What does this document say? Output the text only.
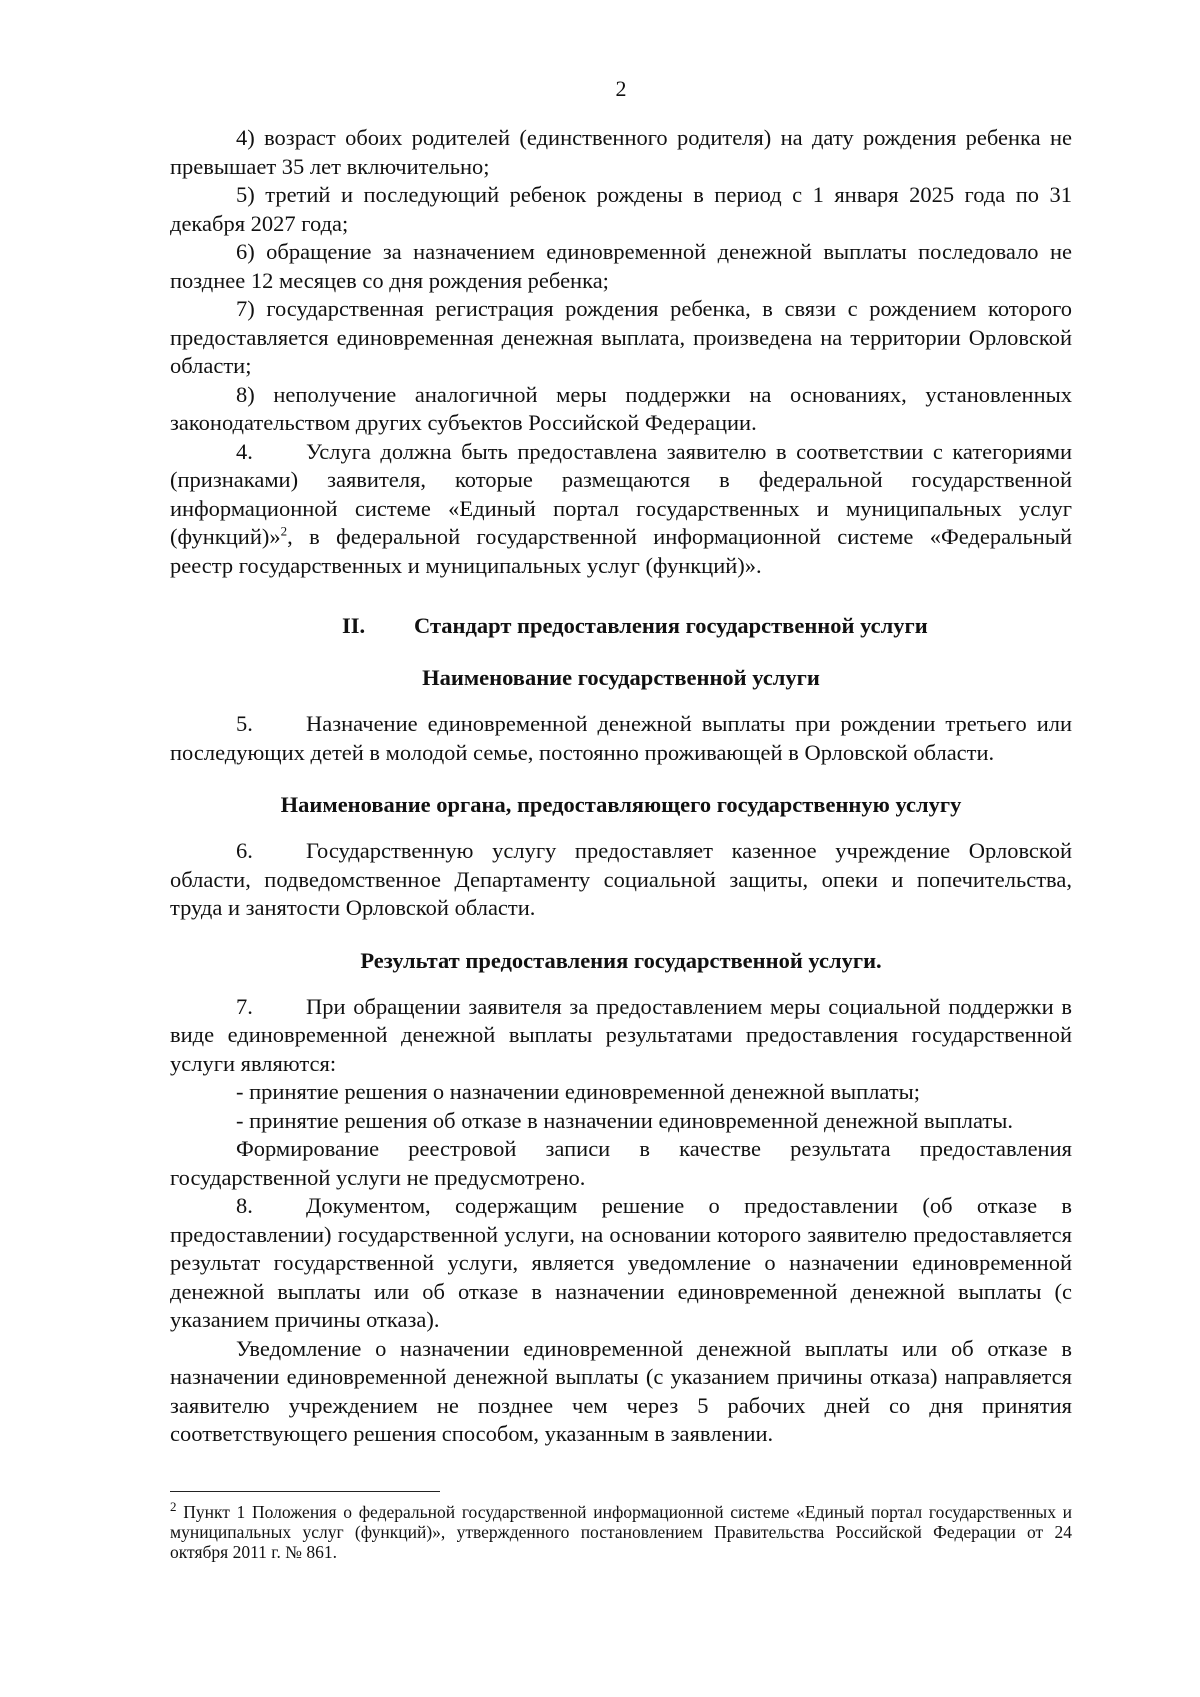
2

4) возраст обоих родителей (единственного родителя) на дату рождения ребенка не превышает 35 лет включительно;

5) третий и последующий ребенок рождены в период с 1 января 2025 года по 31 декабря 2027 года;

6) обращение за назначением единовременной денежной выплаты последовало не позднее 12 месяцев со дня рождения ребенка;

7) государственная регистрация рождения ребенка, в связи с рождением которого предоставляется единовременная денежная выплата, произведена на территории Орловской области;

8) неполучение аналогичной меры поддержки на основаниях, установленных законодательством других субъектов Российской Федерации.

4. Услуга должна быть предоставлена заявителю в соответствии с категориями (признаками) заявителя, которые размещаются в федеральной государственной информационной системе «Единый портал государственных и муниципальных услуг (функций)»$^2$, в федеральной государственной информационной системе «Федеральный реестр государственных и муниципальных услуг (функций)».

II. Стандарт предоставления государственной услуги
Наименование государственной услуги

5. Назначение единовременной денежной выплаты при рождении третьего или последующих детей в молодой семье, постоянно проживающей в Орловской области.

Наименование органа, предоставляющего государственную услугу

6. Государственную услугу предоставляет казенное учреждение Орловской области, подведомственное Департаменту социальной защиты, опеки и попечительства, труда и занятости Орловской области.

Результат предоставления государственной услуги.

7. При обращении заявителя за предоставлением меры социальной поддержки в виде единовременной денежной выплаты результатами предоставления государственной услуги являются:

- принятие решения о назначении единовременной денежной выплаты;

- принятие решения об отказе в назначении единовременной денежной выплаты.

Формирование реестровой записи в качестве результата предоставления государственной услуги не предусмотрено.

8. Документом, содержащим решение о предоставлении (об отказе в предоставлении) государственной услуги, на основании которого заявителю предоставляется результат государственной услуги, является уведомление о назначении единовременной денежной выплаты или об отказе в назначении единовременной денежной выплаты (с указанием причины отказа).

Уведомление о назначении единовременной денежной выплаты или об отказе в назначении единовременной денежной выплаты (с указанием причины отказа) направляется заявителю учреждением не позднее чем через 5 рабочих дней со дня принятия соответствующего решения способом, указанным в заявлении.

$^2$ Пункт 1 Положения о федеральной государственной информационной системе «Единый портал государственных и муниципальных услуг (функций)», утвержденного постановлением Правительства Российской Федерации от 24 октября 2011 г. № 861.
